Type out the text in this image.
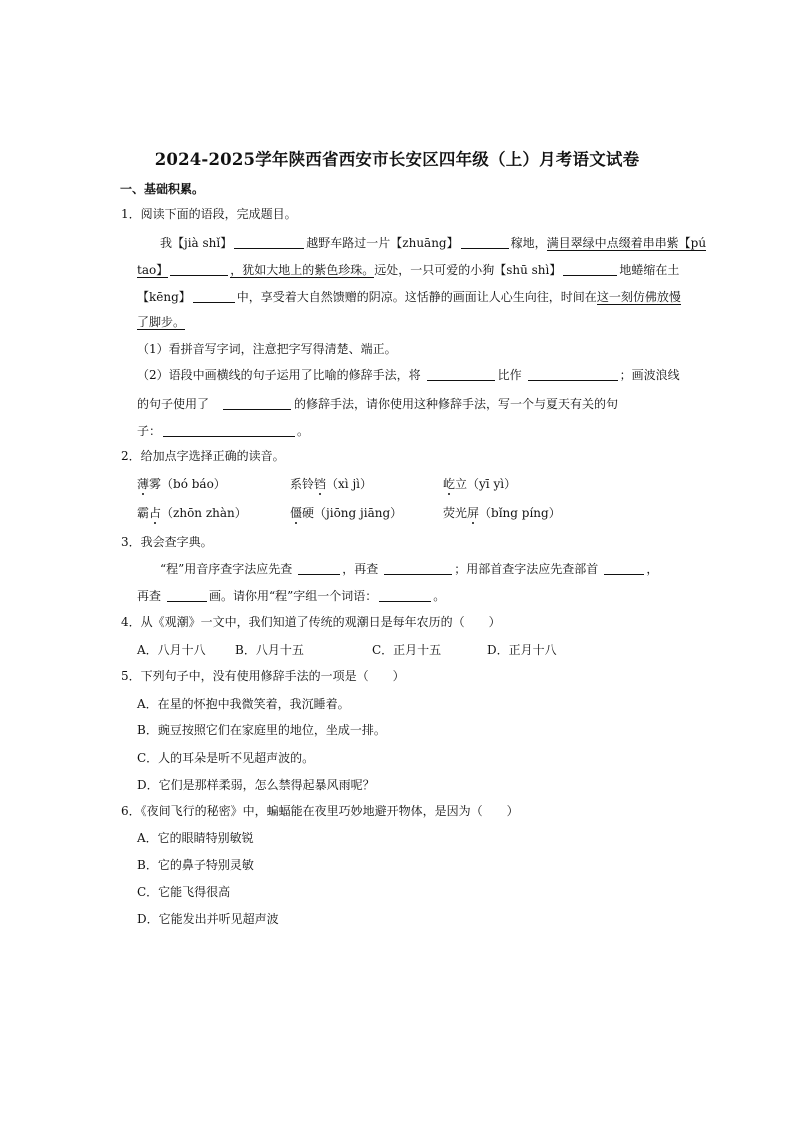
2024-2025学年陕西省西安市长安区四年级（上）月考语文试卷
一、基础积累。
1．阅读下面的语段，完成题目。
我【jià shǐ】	越野车路过一片【zhuāng】	稼地，满目翠绿中点缀着串串紫【pú
tao】	，犹如大地上的紫色珍珠。远处，一只可爱的小狗【shū shì】	地蜷缩在土
【kēng】	中，享受着大自然馈赠的阴凉。这恬静的画面让人心生向往，时间在这一刻仿佛放慢
了脚步。
（1）看拼音写字词，注意把字写得清楚、端正。
（2）语段中画横线的句子运用了比喻的修辞手法，将	比作	；画波浪线
的句子使用了	的修辞手法，请你使用这种修辞手法，写一个与夏天有关的句
子：	。
2．给加点字选择正确的读音。
薄雾（bó báo）	系铃铛（xì jì）	屹立（yī yì）
霸占（zhōn zhàn）	僵硬（jiōng jiāng）	荧光屏（bǐng píng）
3．我会查字典。
“程”用音序查字法应先查	，再查	；用部首查字法应先查部首	，
再查	画。请你用“程”字组一个词语：	。
4．从《观潮》一文中，我们知道了传统的观潮日是每年农历的（　　）
A．八月十八 B．八月十五	C．正月十五	D．正月十八
5．下列句子中，没有使用修辞手法的一项是（　　）
A．在星的怀抱中我微笑着，我沉睡着。
B．豌豆按照它们在家庭里的地位，坐成一排。
C．人的耳朵是听不见超声波的。
D．它们是那样柔弱，怎么禁得起暴风雨呢？
6．《夜间飞行的秘密》中，蝙蝠能在夜里巧妙地避开物体，是因为（　　）
A．它的眼睛特别敏锐
B．它的鼻子特别灵敏
C．它能飞得很高
D．它能发出并听见超声波
